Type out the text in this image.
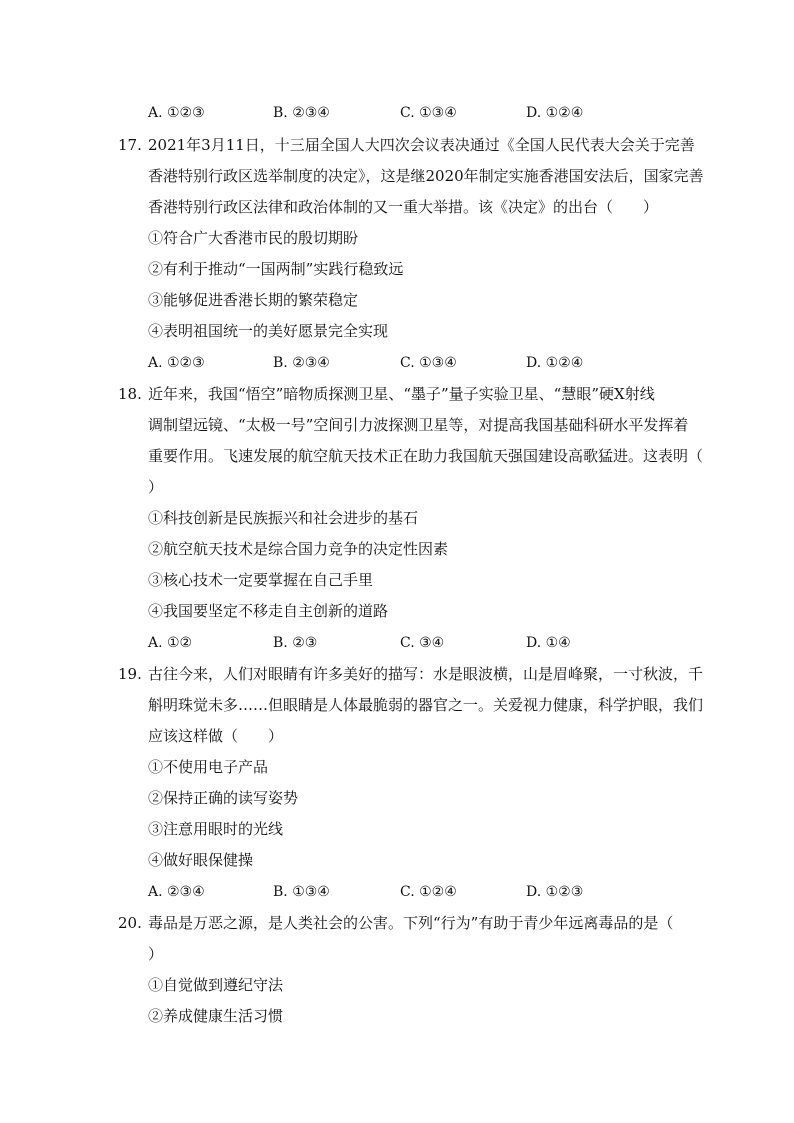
A. ①②③	B. ②③④	C. ①③④	D. ①②④
17. 2021年3月11日，十三届全国人大四次会议表决通过《全国人民代表大会关于完善
香港特别行政区选举制度的决定》，这是继2020年制定实施香港国安法后，国家完善
香港特别行政区法律和政治体制的又一重大举措。该《决定》的出台（　　）
①符合广大香港市民的殷切期盼
②有利于推动“一国两制”实践行稳致远
③能够促进香港长期的繁荣稳定
④表明祖国统一的美好愿景完全实现
A. ①②③	B. ②③④	C. ①③④	D. ①②④
18. 近年来，我国“悟空”暗物质探测卫星、“墨子”量子实验卫星、“慧眼”硬X射线
调制望远镜、“太极一号”空间引力波探测卫星等，对提高我国基础科研水平发挥着
重要作用。飞速发展的航空航天技术正在助力我国航天强国建设高歌猛进。这表明（
）
①科技创新是民族振兴和社会进步的基石
②航空航天技术是综合国力竞争的决定性因素
③核心技术一定要掌握在自己手里
④我国要坚定不移走自主创新的道路
A. ①②	B. ②③	C. ③④	D. ①④
19. 古往今来，人们对眼睛有许多美好的描写：水是眼波横，山是眉峰聚，一寸秋波，千
斛明珠觉未多……但眼睛是人体最脆弱的器官之一。关爱视力健康，科学护眼，我们
应该这样做（　　）
①不使用电子产品
②保持正确的读写姿势
③注意用眼时的光线
④做好眼保健操
A. ②③④	B. ①③④	C. ①②④	D. ①②③
20. 毒品是万恶之源，是人类社会的公害。下列“行为”有助于青少年远离毒品的是（
）
①自觉做到遵纪守法
②养成健康生活习惯
